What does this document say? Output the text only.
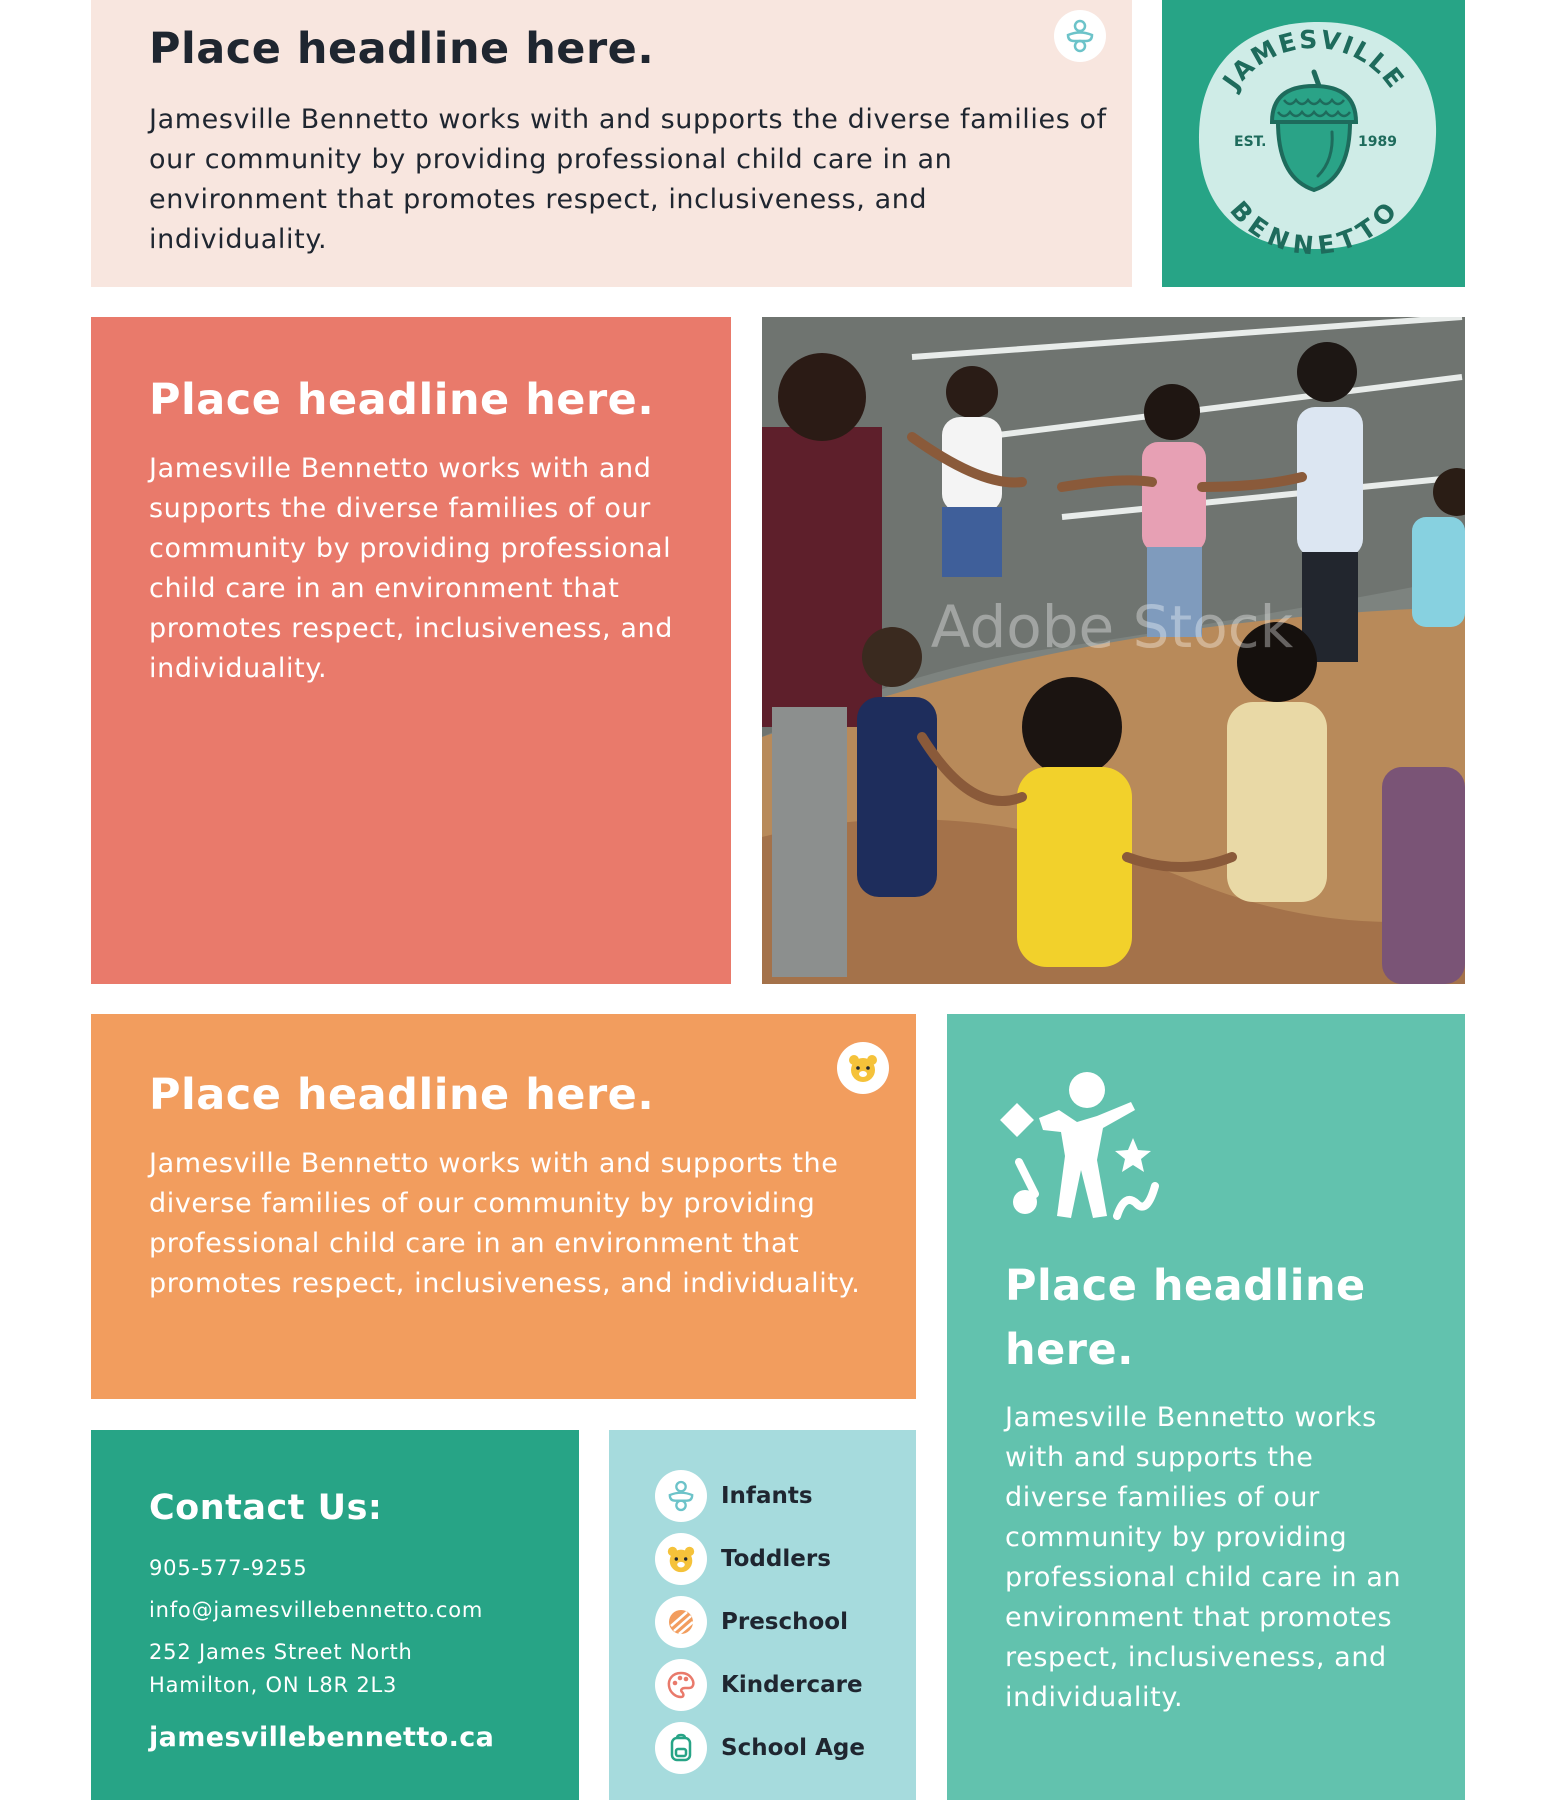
Place headline here.

Jamesville Bennetto works with and supports the diverse families of our community by providing professional child care in an environment that promotes respect, inclusiveness, and individuality.

JAMESVILLE
BENNETTO
EST.	1989
Place headline here.

Jamesville Bennetto works with and supports the diverse families of our community by providing professional child care in an environment that promotes respect, inclusiveness, and individuality.

Adobe Stock
Place headline here.

Jamesville Bennetto works with and supports the diverse families of our community by providing professional child care in an environment that promotes respect, inclusiveness, and individuality.	Place headline here.

Jamesville Bennetto works with and supports the diverse families of our community by providing professional child care in an environment that promotes respect, inclusiveness, and individuality.

Contact Us:
905-577-9255
info@jamesvillebennetto.com
252 James Street North
Hamilton, ON L8R 2L3
jamesvillebennetto.ca
Infants
Toddlers
Preschool
Kindercare
School Age
